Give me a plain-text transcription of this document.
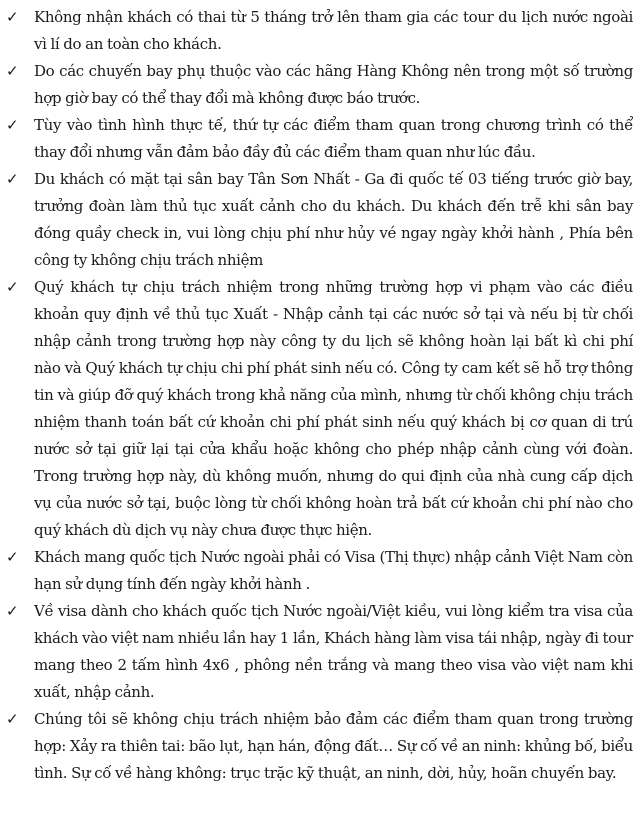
✓ Không nhận khách có thai từ 5 tháng trở lên tham gia các tour du lịch nước ngoài vì lí do an toàn cho khách.
✓ Do các chuyến bay phụ thuộc vào các hãng Hàng Không nên trong một số trường hợp giờ bay có thể thay đổi mà không được báo trước.
✓ Tùy vào tình hình thực tế, thứ tự các điểm tham quan trong chương trình có thể thay đổi nhưng vẫn đảm bảo đầy đủ các điểm tham quan như lúc đầu.
✓ Du khách có mặt tại sân bay Tân Sơn Nhất - Ga đi quốc tế 03 tiếng trước giờ bay, trưởng đoàn làm thủ tục xuất cảnh cho du khách. Du khách đến trễ khi sân bay đóng quầy check in, vui lòng chịu phí như hủy vé ngay ngày khởi hành , Phía bên công ty không chịu trách nhiệm
✓ Quý khách tự chịu trách nhiệm trong những trường hợp vi phạm vào các điều khoản quy định về thủ tục Xuất - Nhập cảnh tại các nước sở tại và nếu bị từ chối nhập cảnh trong trường hợp này công ty du lịch sẽ không hoàn lại bất kì chi phí nào và Quý khách tự chịu chi phí phát sinh nếu có. Công ty cam kết sẽ hỗ trợ thông tin và giúp đỡ quý khách trong khả năng của mình, nhưng từ chối không chịu trách nhiệm thanh toán bất cứ khoản chi phí phát sinh nếu quý khách bị cơ quan di trú nước sở tại giữ lại tại cửa khẩu hoặc không cho phép nhập cảnh cùng với đoàn. Trong trường hợp này, dù không muốn, nhưng do qui định của nhà cung cấp dịch vụ của nước sở tại, buộc lòng từ chối không hoàn trả bất cứ khoản chi phí nào cho quý khách dù dịch vụ này chưa được thực hiện.
✓ Khách mang quốc tịch Nước ngoài phải có Visa (Thị thực) nhập cảnh Việt Nam còn hạn sử dụng tính đến ngày khởi hành .
✓ Về visa dành cho khách quốc tịch Nước ngoài/Việt kiều, vui lòng kiểm tra visa của khách vào việt nam nhiều lần hay 1 lần, Khách hàng làm visa tái nhập, ngày đi tour mang theo 2 tấm hình 4x6 , phông nền trắng và mang theo visa vào việt nam khi xuất, nhập cảnh.
✓ Chúng tôi sẽ không chịu trách nhiệm bảo đảm các điểm tham quan trong trường hợp: Xảy ra thiên tai: bão lụt, hạn hán, động đất… Sự cố về an ninh: khủng bố, biểu tình. Sự cố về hàng không: trục trặc kỹ thuật, an ninh, dời, hủy, hoãn chuyến bay.
